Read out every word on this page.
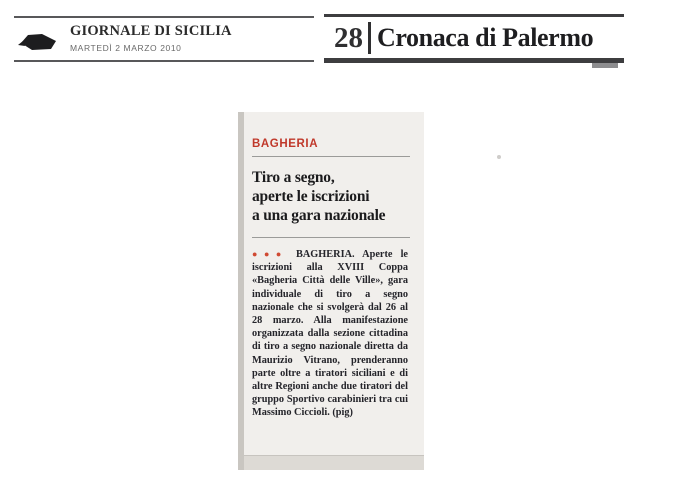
GIORNALE DI SICILIA
MARTEDÌ 2 MARZO 2010	28 Cronaca di Palermo
BAGHERIA
Tiro a segno,
aperte le iscrizioni
a una gara nazionale
●●● BAGHERIA. Aperte le iscrizioni alla XVIII Coppa «Bagheria Città delle Ville», gara individuale di tiro a segno nazionale che si svolgerà dal 26 al 28 marzo. Alla manifestazione organizzata dalla sezione cittadina di tiro a segno nazionale diretta da Maurizio Vitrano, prenderanno parte oltre a tiratori siciliani e di altre Regioni anche due tiratori del gruppo Sportivo carabinieri tra cui Massimo Ciccioli. (pig)
